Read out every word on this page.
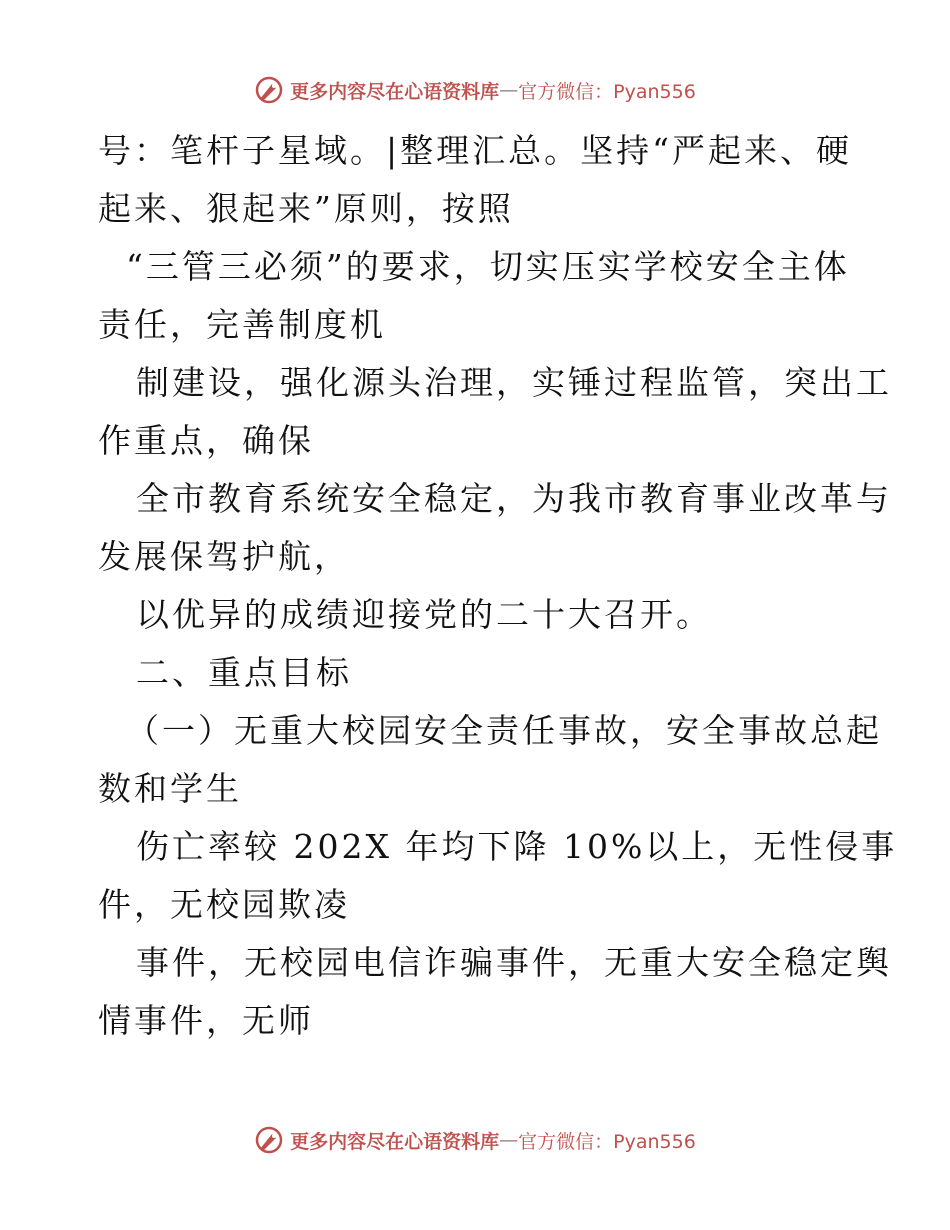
更多内容尽在心语资料库 — 官方微信：Pyan556
号：笔杆子星域。|整理汇总。坚持“严起来、硬
起来、狠起来”原则，按照
“三管三必须”的要求，切实压实学校安全主体
责任，完善制度机
制建设，强化源头治理，实锤过程监管，突出工
作重点，确保
全市教育系统安全稳定，为我市教育事业改革与
发展保驾护航，
以优异的成绩迎接党的二十大召开。
二、重点目标
（一）无重大校园安全责任事故，安全事故总起
数和学生
伤亡率较 202X 年均下降 10%以上，无性侵事
件，无校园欺凌
事件，无校园电信诈骗事件，无重大安全稳定舆
情事件，无师
更多内容尽在心语资料库 — 官方微信：Pyan556
